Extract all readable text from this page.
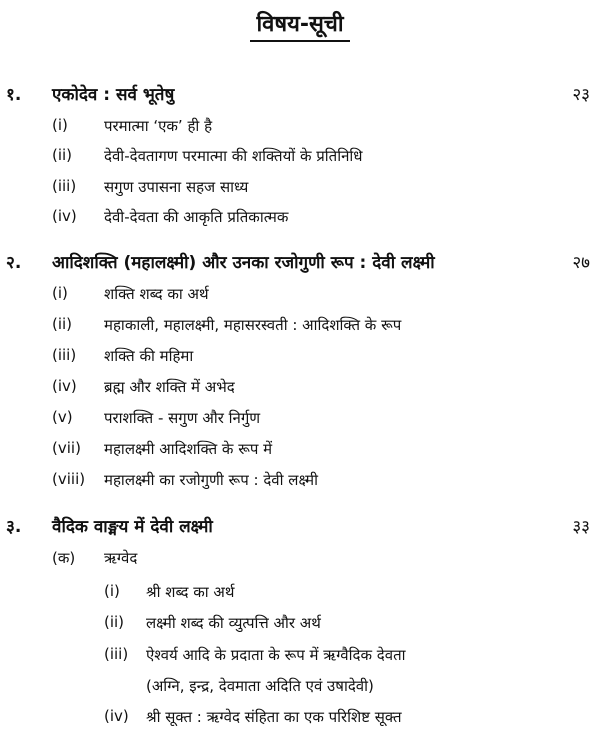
विषय-सूची
१. एकोदेव : सर्व भूतेषु	२३
(i) परमात्मा ‘एक’ ही है
(ii) देवी-देवतागण परमात्मा की शक्तियों के प्रतिनिधि
(iii) सगुण उपासना सहज साध्य
(iv) देवी-देवता की आकृति प्रतिकात्मक
२. आदिशक्ति (महालक्ष्मी) और उनका रजोगुणी रूप : देवी लक्ष्मी	२७
(i) शक्ति शब्द का अर्थ
(ii) महाकाली, महालक्ष्मी, महासरस्वती : आदिशक्ति के रूप
(iii) शक्ति की महिमा
(iv) ब्रह्म और शक्ति में अभेद
(v) पराशक्ति - सगुण और निर्गुण
(vii) महालक्ष्मी आदिशक्ति के रूप में
(viii) महालक्ष्मी का रजोगुणी रूप : देवी लक्ष्मी
३. वैदिक वाङ्मय में देवी लक्ष्मी	३३
(क) ऋग्वेद
(i) श्री शब्द का अर्थ
(ii) लक्ष्मी शब्द की व्युत्पत्ति और अर्थ
(iii) ऐश्वर्य आदि के प्रदाता के रूप में ऋग्वैदिक देवता
(अग्नि, इन्द्र, देवमाता अदिति एवं उषादेवी)
(iv) श्री सूक्त : ऋग्वेद संहिता का एक परिशिष्ट सूक्त
